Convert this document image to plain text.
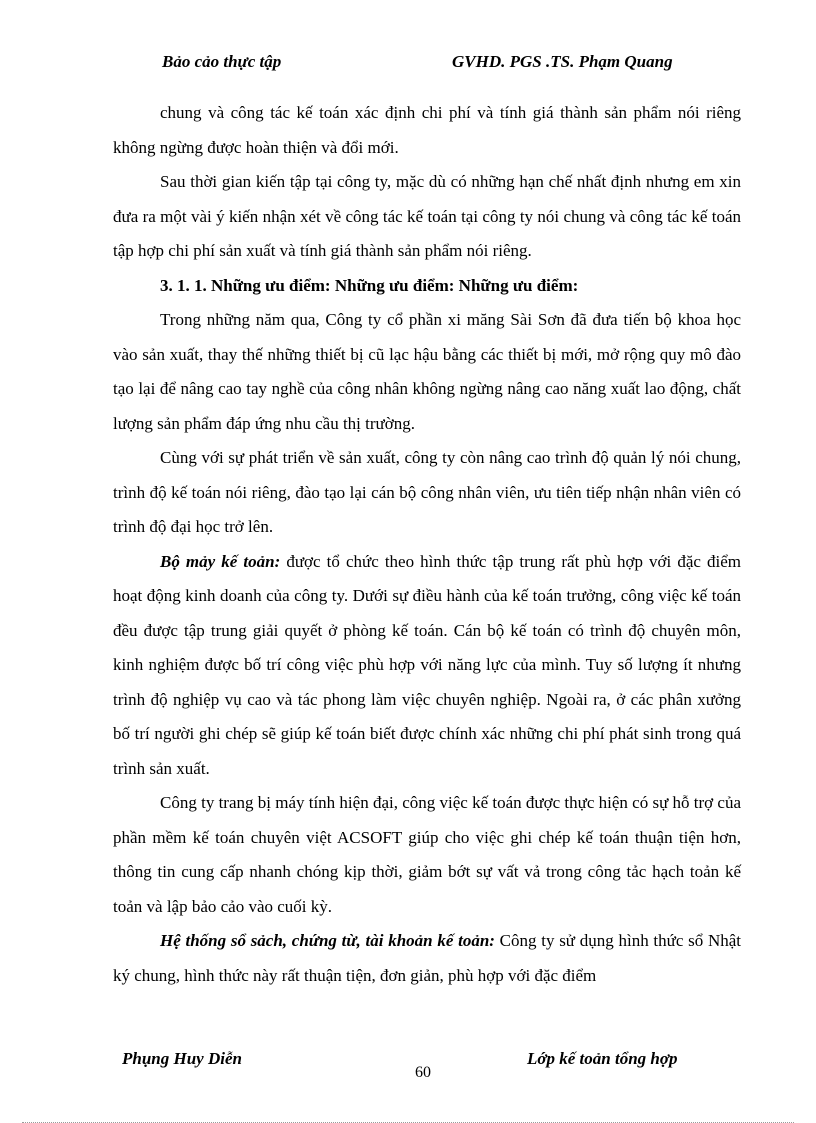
Bảo cảo thực tập	GVHD. PGS .TS. Phạm Quang

chung và công tác kế toán xác định chi phí và tính giá thành sản phẩm nói riêng không ngừng được hoàn thiện và đổi mới.

Sau thời gian kiến tập tại công ty, mặc dù có những hạn chế nhất định nhưng em xin đưa ra một vài ý kiến nhận xét về công tác kế toán tại công ty nói chung và công tác kế toán tập hợp chi phí sản xuất và tính giá thành sản phẩm nói riêng.

3. 1. 1. Những ưu điểm: Những ưu điểm: Những ưu điểm:

Trong những năm qua, Công ty cổ phần xi măng Sài Sơn đã đưa tiến bộ khoa học vào sản xuất, thay thế những thiết bị cũ lạc hậu bằng các thiết bị mới, mở rộng quy mô đào tạo lại để nâng cao tay nghề của công nhân không ngừng nâng cao năng xuất lao động, chất lượng sản phẩm đáp ứng nhu cầu thị trường.

Cùng với sự phát triển về sản xuất, công ty còn nâng cao trình độ quản lý nói chung, trình độ kế toán nói riêng, đào tạo lại cán bộ công nhân viên, ưu tiên tiếp nhận nhân viên có trình độ đại học trở lên.

Bộ mảy kế toản: được tổ chức theo hình thức tập trung rất phù hợp với đặc điểm hoạt động kinh doanh của công ty. Dưới sự điều hành của kế toán trưởng, công việc kế toán đều được tập trung giải quyết ở phòng kế toán. Cán bộ kế toán có trình độ chuyên môn, kinh nghiệm được bố trí công việc phù hợp với năng lực của mình. Tuy số lượng ít nhưng trình độ nghiệp vụ cao và tác phong làm việc chuyên nghiệp. Ngoài ra, ở các phân xưởng bố trí người ghi chép sẽ giúp kế toán biết được chính xác những chi phí phát sinh trong quá trình sản xuất.

Công ty trang bị máy tính hiện đại, công việc kế toán được thực hiện có sự hỗ trợ của phần mềm kế toán chuyên việt ACSOFT giúp cho việc ghi chép kế toán thuận tiện hơn, thông tin cung cấp nhanh chóng kịp thời, giảm bớt sự vất vả trong công tảc hạch toản kế toản và lập bảo cảo vào cuối kỳ.

Hệ thống sổ sảch, chứng từ, tài khoản kế toản: Công ty sử dụng hình thức sổ Nhật ký chung, hình thức này rất thuận tiện, đơn giản, phù hợp với đặc điểm

Phụng Huy Diễn
60
Lớp kế toản tổng hợp
